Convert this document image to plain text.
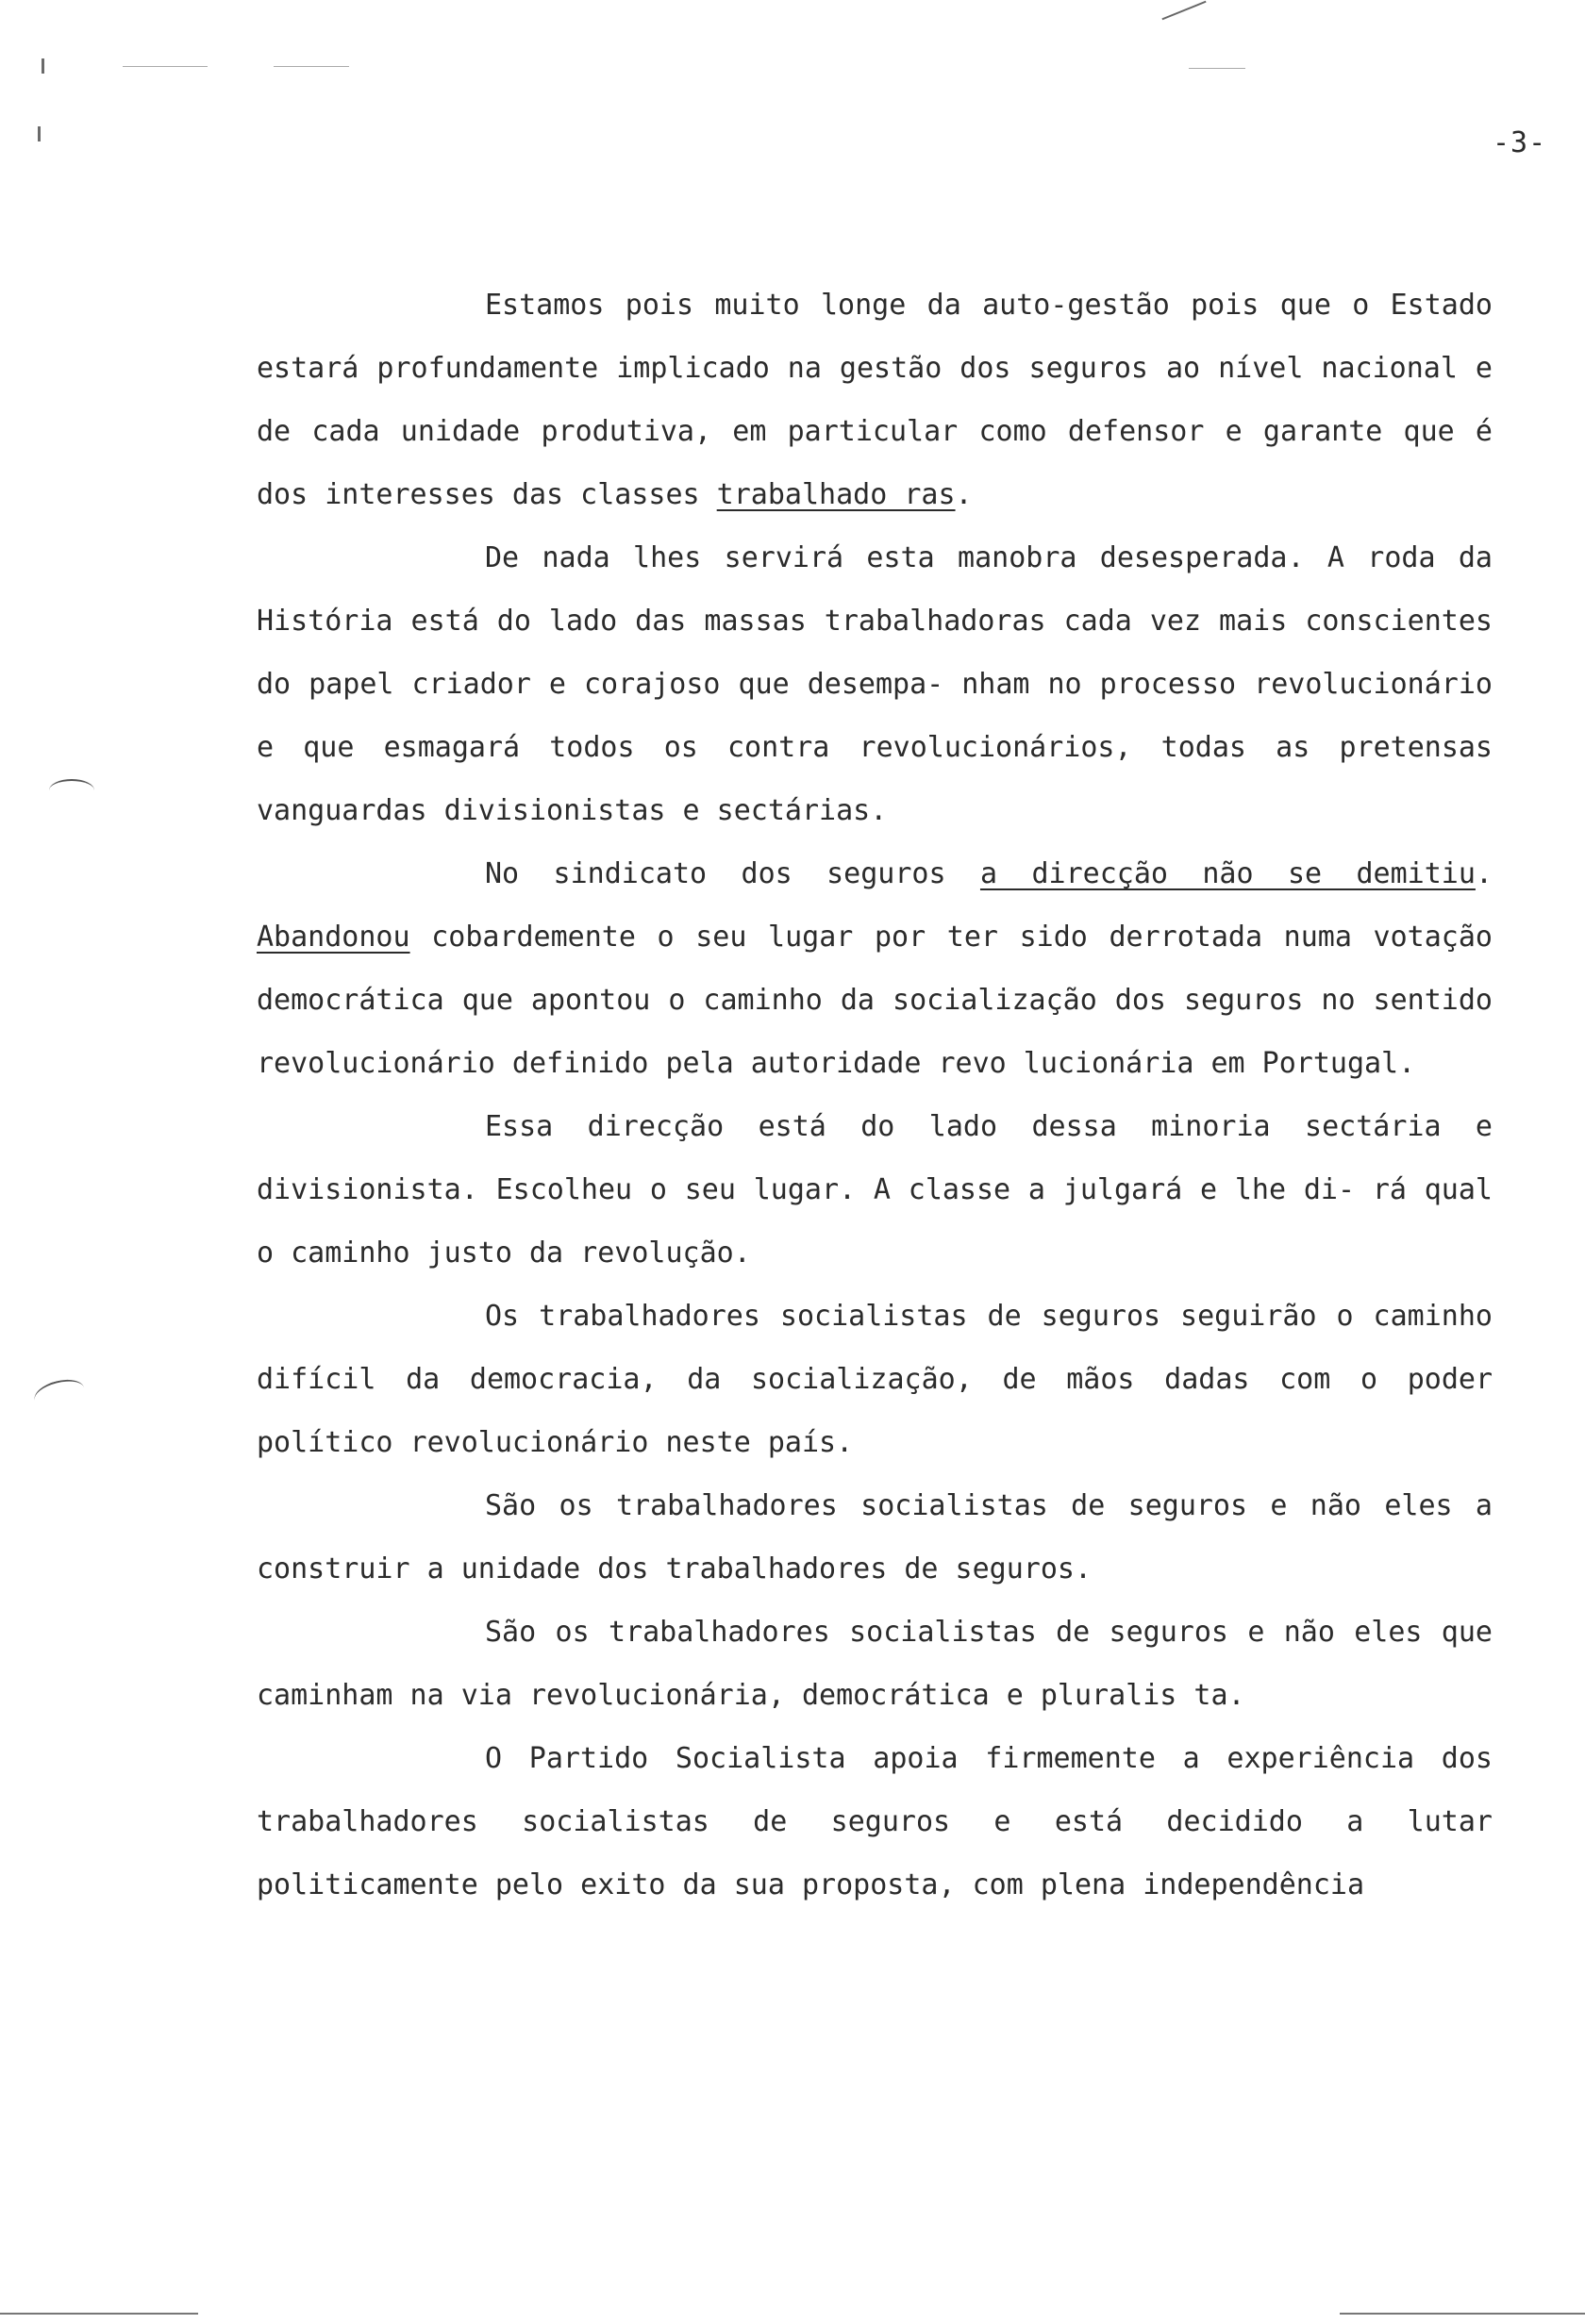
-3-

Estamos pois muito longe da auto-gestão pois que o Estado estará profundamente implicado na gestão dos seguros ao nível nacional e de cada unidade produtiva, em particular como defensor e garante que é dos interesses das classes trabalhado ras.

De nada lhes servirá esta manobra desesperada. A roda da História está do lado das massas trabalhadoras cada vez mais conscientes do papel criador e corajoso que desempa- nham no processo revolucionário e que esmagará todos os contra revolucionários, todas as pretensas vanguardas divisionistas e sectárias.

No sindicato dos seguros a direcção não se demitiu. Abandonou cobardemente o seu lugar por ter sido derrotada numa votação democrática que apontou o caminho da socialização dos seguros no sentido revolucionário definido pela autoridade revo lucionária em Portugal.

Essa direcção está do lado dessa minoria sectária e divisionista. Escolheu o seu lugar. A classe a julgará e lhe di- rá qual o caminho justo da revolução.

Os trabalhadores socialistas de seguros seguirão o caminho difícil da democracia, da socialização, de mãos dadas com o poder político revolucionário neste país.

São os trabalhadores socialistas de seguros e não eles a construir a unidade dos trabalhadores de seguros.

São os trabalhadores socialistas de seguros e não eles que caminham na via revolucionária, democrática e pluralis ta.

O Partido Socialista apoia firmemente a experiência dos trabalhadores socialistas de seguros e está decidido a lutar politicamente pelo exito da sua proposta, com plena independência
